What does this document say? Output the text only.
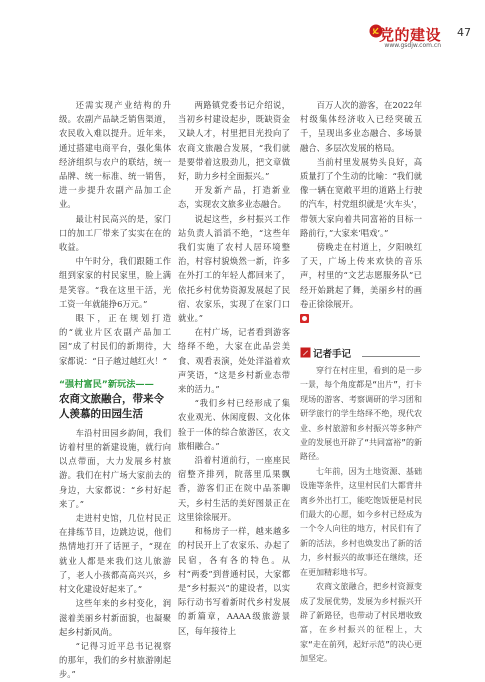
党的建设
www.gsdjw.com.cn
47

还需实现产业结构的升级。农副产品缺乏销售渠道，农民收入难以提升。近年来，通过搭建电商平台，强化集体经济组织与农户的联结，统一品牌、统一标准、统一销售，进一步提升农副产品加工企业。

最让村民高兴的是，家门口的加工厂带来了实实在在的收益。

中午时分，我们跟随工作组到家家的村民家里，脸上满是笑容。“我在这里干活，光工资一年就能挣6万元。”

眼下，正在规划打造的“就业片区农副产品加工园”成了村民们的新期待，大家都说：“日子越过越红火！”

“强村富民”新玩法——
农商文旅融合，带来令人羡慕的田园生活

车沿村田园乡韵间，我们访着村里的新建设施，就行向以点带面，大力发展乡村旅游。我们在村广场大家前去的身边，大家都说：“乡村好起来了。”

走进村史馆，几位村民正在排练节目，边跳边说，他们热情地打开了话匣子，“现在就业人都是来我们这儿旅游了，老人小孩都高高兴兴，乡村文化建设好起来了。”

这些年来的乡村变化，润滋着美丽乡村新面貌，也凝聚起乡村新风尚。

“记得习近平总书记视察的那年，我们的乡村旅游刚起步。”

两路镇党委书记介绍说，当初乡村建设起步，既缺资金又缺人才，村里把目光投向了农商文旅融合发展，“我们就是要带着这股劲儿，把文章做好，助力乡村全面振兴。”

开发新产品，打造新业态，实现农文旅多业态融合。

说起这些，乡村振兴工作站负责人滔滔不绝，“这些年我们实施了农村人居环境整治，村容村貌焕然一新，许多在外打工的年轻人都回来了，依托乡村优势资源发展起了民宿、农家乐，实现了在家门口就业。”

在村广场，记者看到游客络绎不绝，大家在此品尝美食、观看表演，处处洋溢着欢声笑语，“这是乡村新业态带来的活力。”

“我们乡村已经形成了集农业观光、休闲度假、文化体验于一体的综合旅游区，农文旅相融合。”

沿着村道前行，一座座民宿整齐排列，院落里瓜果飘香，游客们正在院中品茶聊天，乡村生活的美好图景正在这里徐徐展开。

和杨房子一样，越来越多的村民开上了农家乐、办起了民宿，各有各的特色。从村“两委”到普通村民，大家都是“乡村振兴”的建设者，以实际行动书写着新时代乡村发展的新篇章，AAAA级旅游景区，每年接待上

百万人次的游客，在2022年村级集体经济收入已经突破五千，呈现出多业态融合、多场景融合、多层次发展的格局。

当前村里发展势头良好，高质量打了个生动的比喻：“我们就像一辆在宽敞平坦的道路上行驶的汽车，村党组织就是‘火车头’，带领大家向着共同富裕的目标一路前行，”大家来‘唱戏’。”

傍晚走在村道上，夕阳映红了天，广场上传来欢快的音乐声，村里的“文艺志愿服务队”已经开始跳起了舞，美丽乡村的画卷正徐徐展开。

记者手记

穿行在村庄里，看到的是一步一景，每个角度都是“出片”，打卡现场的游客、考察调研的学习团和研学旅行的学生络绎不绝，现代农业、乡村旅游和乡村振兴等多种产业的发展也开辟了“共同富裕”的新路径。

七年前，因为土地资源、基础设施等条件，这里村民们大都背井离乡外出打工，能吃饱饭便是村民们最大的心愿，如今乡村已经成为一个令人向往的地方，村民们有了新的活法，乡村也焕发出了新的活力，乡村振兴的故事还在继续，还在更加精彩地书写。

农商文旅融合，把乡村资源变成了发展优势，发展为乡村振兴开辟了新路径，也带动了村民增收致富，在乡村振兴的征程上，大家“走在前列，起好示范”的决心更加坚定。
